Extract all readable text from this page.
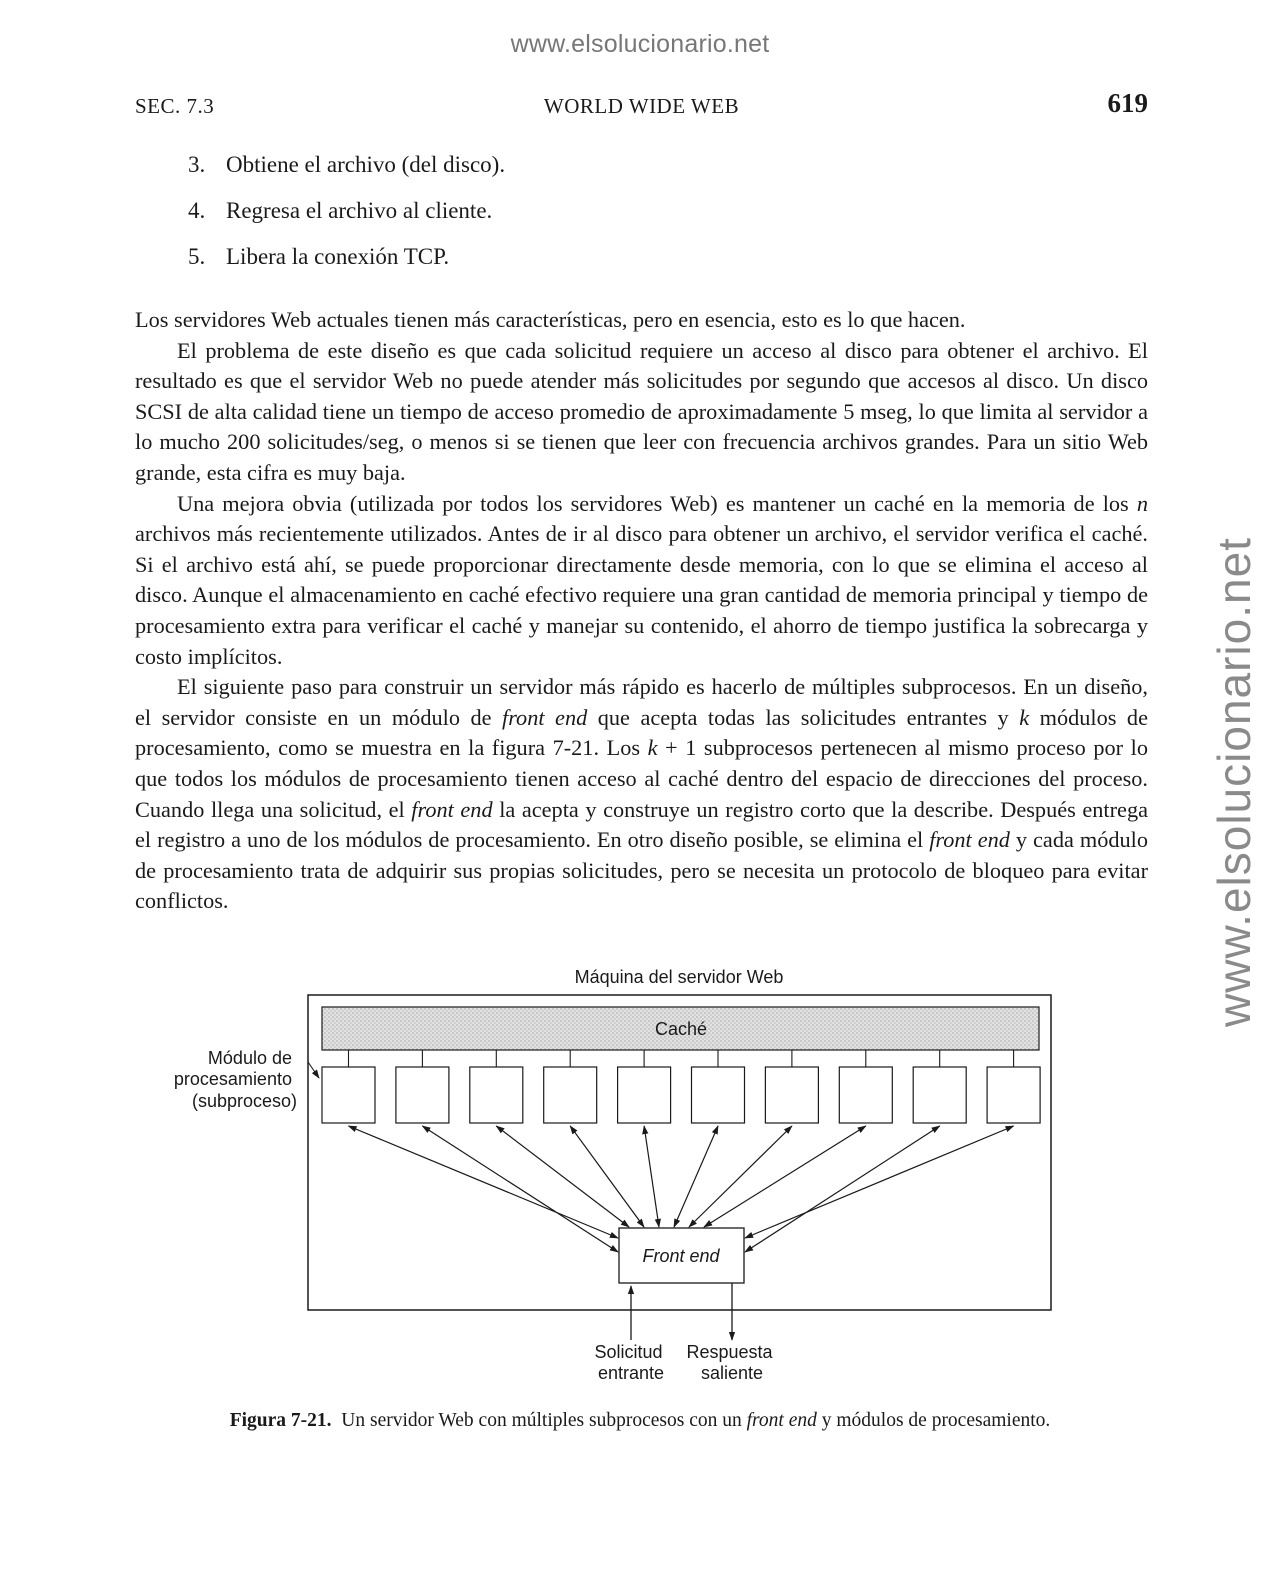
www.elsolucionario.net
www.elsolucionario.net
SEC. 7.3	WORLD WIDE WEB	619
3. Obtiene el archivo (del disco).
4. Regresa el archivo al cliente.
5. Libera la conexión TCP.

Los servidores Web actuales tienen más características, pero en esencia, esto es lo que hacen.

El problema de este diseño es que cada solicitud requiere un acceso al disco para obtener el archivo. El resultado es que el servidor Web no puede atender más solicitudes por segundo que accesos al disco. Un disco SCSI de alta calidad tiene un tiempo de acceso promedio de aproximadamente 5 mseg, lo que limita al servidor a lo mucho 200 solicitudes/seg, o menos si se tienen que leer con frecuencia archivos grandes. Para un sitio Web grande, esta cifra es muy baja.

Una mejora obvia (utilizada por todos los servidores Web) es mantener un caché en la memoria de los n archivos más recientemente utilizados. Antes de ir al disco para obtener un archivo, el servidor verifica el caché. Si el archivo está ahí, se puede proporcionar directamente desde memoria, con lo que se elimina el acceso al disco. Aunque el almacenamiento en caché efectivo requiere una gran cantidad de memoria principal y tiempo de procesamiento extra para verificar el caché y manejar su contenido, el ahorro de tiempo justifica la sobrecarga y costo implícitos.

El siguiente paso para construir un servidor más rápido es hacerlo de múltiples subprocesos. En un diseño, el servidor consiste en un módulo de front end que acepta todas las solicitudes entrantes y k módulos de procesamiento, como se muestra en la figura 7-21. Los k + 1 subprocesos pertenecen al mismo proceso por lo que todos los módulos de procesamiento tienen acceso al caché dentro del espacio de direcciones del proceso. Cuando llega una solicitud, el front end la acepta y construye un registro corto que la describe. Después entrega el registro a uno de los módulos de procesamiento. En otro diseño posible, se elimina el front end y cada módulo de procesamiento trata de adquirir sus propias solicitudes, pero se necesita un protocolo de bloqueo para evitar conflictos.

Máquina del servidor Web
Caché
Módulo de procesamiento (subproceso)
Front end
Solicitud entrante
Respuesta saliente
Figura 7-21. Un servidor Web con múltiples subprocesos con un front end y módulos de procesamiento.
